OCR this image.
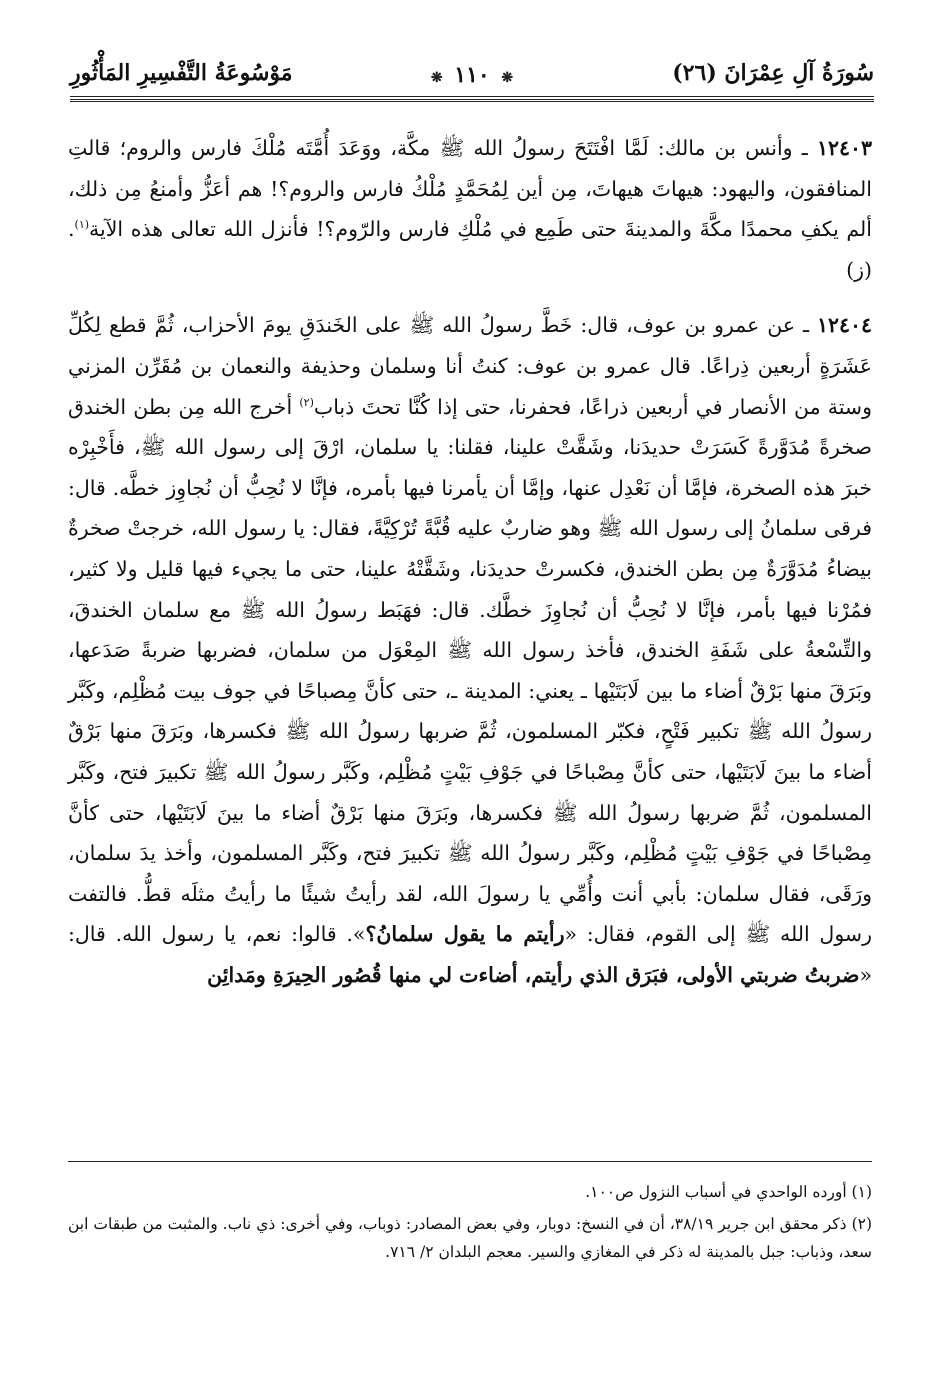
سُورَةُ آلِ عِمْرَانَ (٢٦)
❋ ١١٠ ❋
مَوْسُوعَةُ التَّفْسِيرِ المَأْثُورِ

١٢٤٠٣ ـ وأنس بن مالك: لَمَّا افْتَتَحَ رسولُ الله ﷺ مكَّة، ووَعَدَ أُمَّتَه مُلْكَ فارس والروم؛ قالتِ المنافقون، واليهود: هيهاتَ هيهاتَ، مِن أين لِمُحَمَّدٍ مُلْكُ فارس والروم؟! هم أعَزُّ وأمنعُ مِن ذلك، ألم يكفِ محمدًا مكَّةَ والمدينةَ حتى طَمِع في مُلْكِ فارس والرّوم؟! فأنزل الله تعالى هذه الآية$^{(١)}$. (ز)

١٢٤٠٤ ـ عن عمرو بن عوف، قال: خَطَّ رسولُ الله ﷺ على الخَندَقِ يومَ الأحزاب، ثُمَّ قطع لِكُلِّ عَشَرَةٍ أربعين ذِراعًا. قال عمرو بن عوف: كنتُ أنا وسلمان وحذيفة والنعمان بن مُقَرِّن المزني وستة من الأنصار في أربعين ذراعًا، فحفرنا، حتى إذا كُنَّا تحتَ ذباب$^{(٢)}$ أخرج الله مِن بطن الخندق صخرةً مُدَوَّرةً كَسَرَتْ حديدَنا، وشَقَّتْ علينا، فقلنا: يا سلمان، ارْقَ إلى رسول الله ﷺ، فأَخْبِرْه خبرَ هذه الصخرة، فإمَّا أن نَعْدِل عنها، وإمَّا أن يأمرنا فيها بأمره، فإنَّا لا نُحِبُّ أن نُجاوِز خطَّه. قال: فرقى سلمانُ إلى رسول الله ﷺ وهو ضاربٌ عليه قُبَّةً تُرْكِيَّةً، فقال: يا رسول الله، خرجتْ صخرةٌ بيضاءُ مُدَوَّرَةٌ مِن بطن الخندق، فكسرتْ حديدَنا، وشَقَّتْهُ علينا، حتى ما يجيء فيها قليل ولا كثير، فمُرْنا فيها بأمر، فإنَّا لا نُحِبُّ أن نُجاوِزَ خطَّك. قال: فهَبَط رسولُ الله ﷺ مع سلمان الخندقَ، والتِّسْعةُ على شَفَةِ الخندق، فأخذ رسول الله ﷺ المِعْوَل من سلمان، فضربها ضربةً صَدَعها، وبَرَقَ منها بَرْقٌ أضاء ما بين لَابَتَيْها ـ يعني: المدينة ـ، حتى كأنَّ مِصباحًا في جوف بيت مُظْلِم، وكَبَّر رسولُ الله ﷺ تكبير فَتْحٍ، فكبّر المسلمون، ثُمَّ ضربها رسولُ الله ﷺ فكسرها، وبَرَقَ منها بَرْقٌ أضاء ما بينَ لَابَتَيْها، حتى كأنَّ مِصْباحًا في جَوْفِ بَيْتٍ مُظْلِم، وكَبَّر رسولُ الله ﷺ تكبيرَ فتح، وكَبَّر المسلمون، ثُمَّ ضربها رسولُ الله ﷺ فكسرها، وبَرَقَ منها بَرْقٌ أضاء ما بينَ لَابَتَيْها، حتى كأنَّ مِصْباحًا في جَوْفِ بَيْتٍ مُظْلِم، وكَبَّر رسولُ الله ﷺ تكبيرَ فتح، وكَبَّر المسلمون، وأخذ يدَ سلمان، ورَقَى، فقال سلمان: بأبي أنت وأُمِّي يا رسولَ الله، لقد رأيتُ شيئًا ما رأيتُ مثلَه قطُّ. فالتفت رسول الله ﷺ إلى القوم، فقال: «رأيتم ما يقول سلمانُ؟». قالوا: نعم، يا رسول الله. قال: «ضربتُ ضربتي الأولى، فبَرَق الذي رأيتم، أضاءت لي منها قُصُور الحِيرَةِ ومَدائِن

(١) أورده الواحدي في أسباب النزول ص١٠٠.

(٢) ذكر محقق ابن جرير ٣٨/١٩، أن في النسخ: دوبار، وفي بعض المصادر: ذوباب، وفي أخرى: ذي ناب. والمثبت من طبقات ابن سعد، وذباب: جبل بالمدينة له ذكر في المغازي والسير. معجم البلدان ٢/ ٧١٦.
